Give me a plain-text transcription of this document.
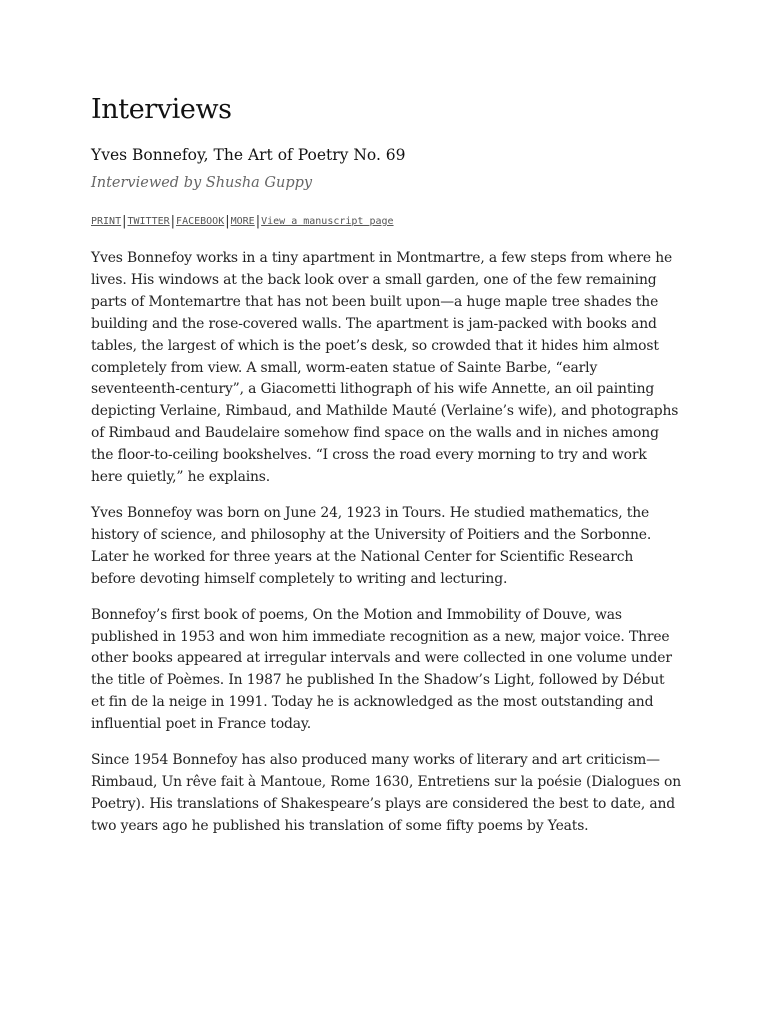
Interviews
Yves Bonnefoy, The Art of Poetry No. 69
Interviewed by Shusha Guppy
PRINT | TWITTER | FACEBOOK | MORE | View a manuscript page

Yves Bonnefoy works in a tiny apartment in Montmartre, a few steps from where he lives. His windows at the back look over a small garden, one of the few remaining parts of Montemartre that has not been built upon—a huge maple tree shades the building and the rose-covered walls. The apartment is jam-packed with books and tables, the largest of which is the poet’s desk, so crowded that it hides him almost completely from view. A small, worm-eaten statue of Sainte Barbe, “early seventeenth-century”, a Giacometti lithograph of his wife Annette, an oil painting depicting Verlaine, Rimbaud, and Mathilde Mauté (Verlaine’s wife), and photographs of Rimbaud and Baudelaire somehow find space on the walls and in niches among the floor-to-ceiling bookshelves. “I cross the road every morning to try and work here quietly,” he explains.

Yves Bonnefoy was born on June 24, 1923 in Tours. He studied mathematics, the history of science, and philosophy at the University of Poitiers and the Sorbonne. Later he worked for three years at the National Center for Scientific Research before devoting himself completely to writing and lecturing.

Bonnefoy’s first book of poems, On the Motion and Immobility of Douve, was published in 1953 and won him immediate recognition as a new, major voice. Three other books appeared at irregular intervals and were collected in one volume under the title of Poèmes. In 1987 he published In the Shadow’s Light, followed by Début et fin de la neige in 1991. Today he is acknowledged as the most outstanding and influential poet in France today.

Since 1954 Bonnefoy has also produced many works of literary and art criticism—Rimbaud, Un rêve fait à Mantoue, Rome 1630, Entretiens sur la poésie (Dialogues on Poetry). His translations of Shakespeare’s plays are considered the best to date, and two years ago he published his translation of some fifty poems by Yeats.
